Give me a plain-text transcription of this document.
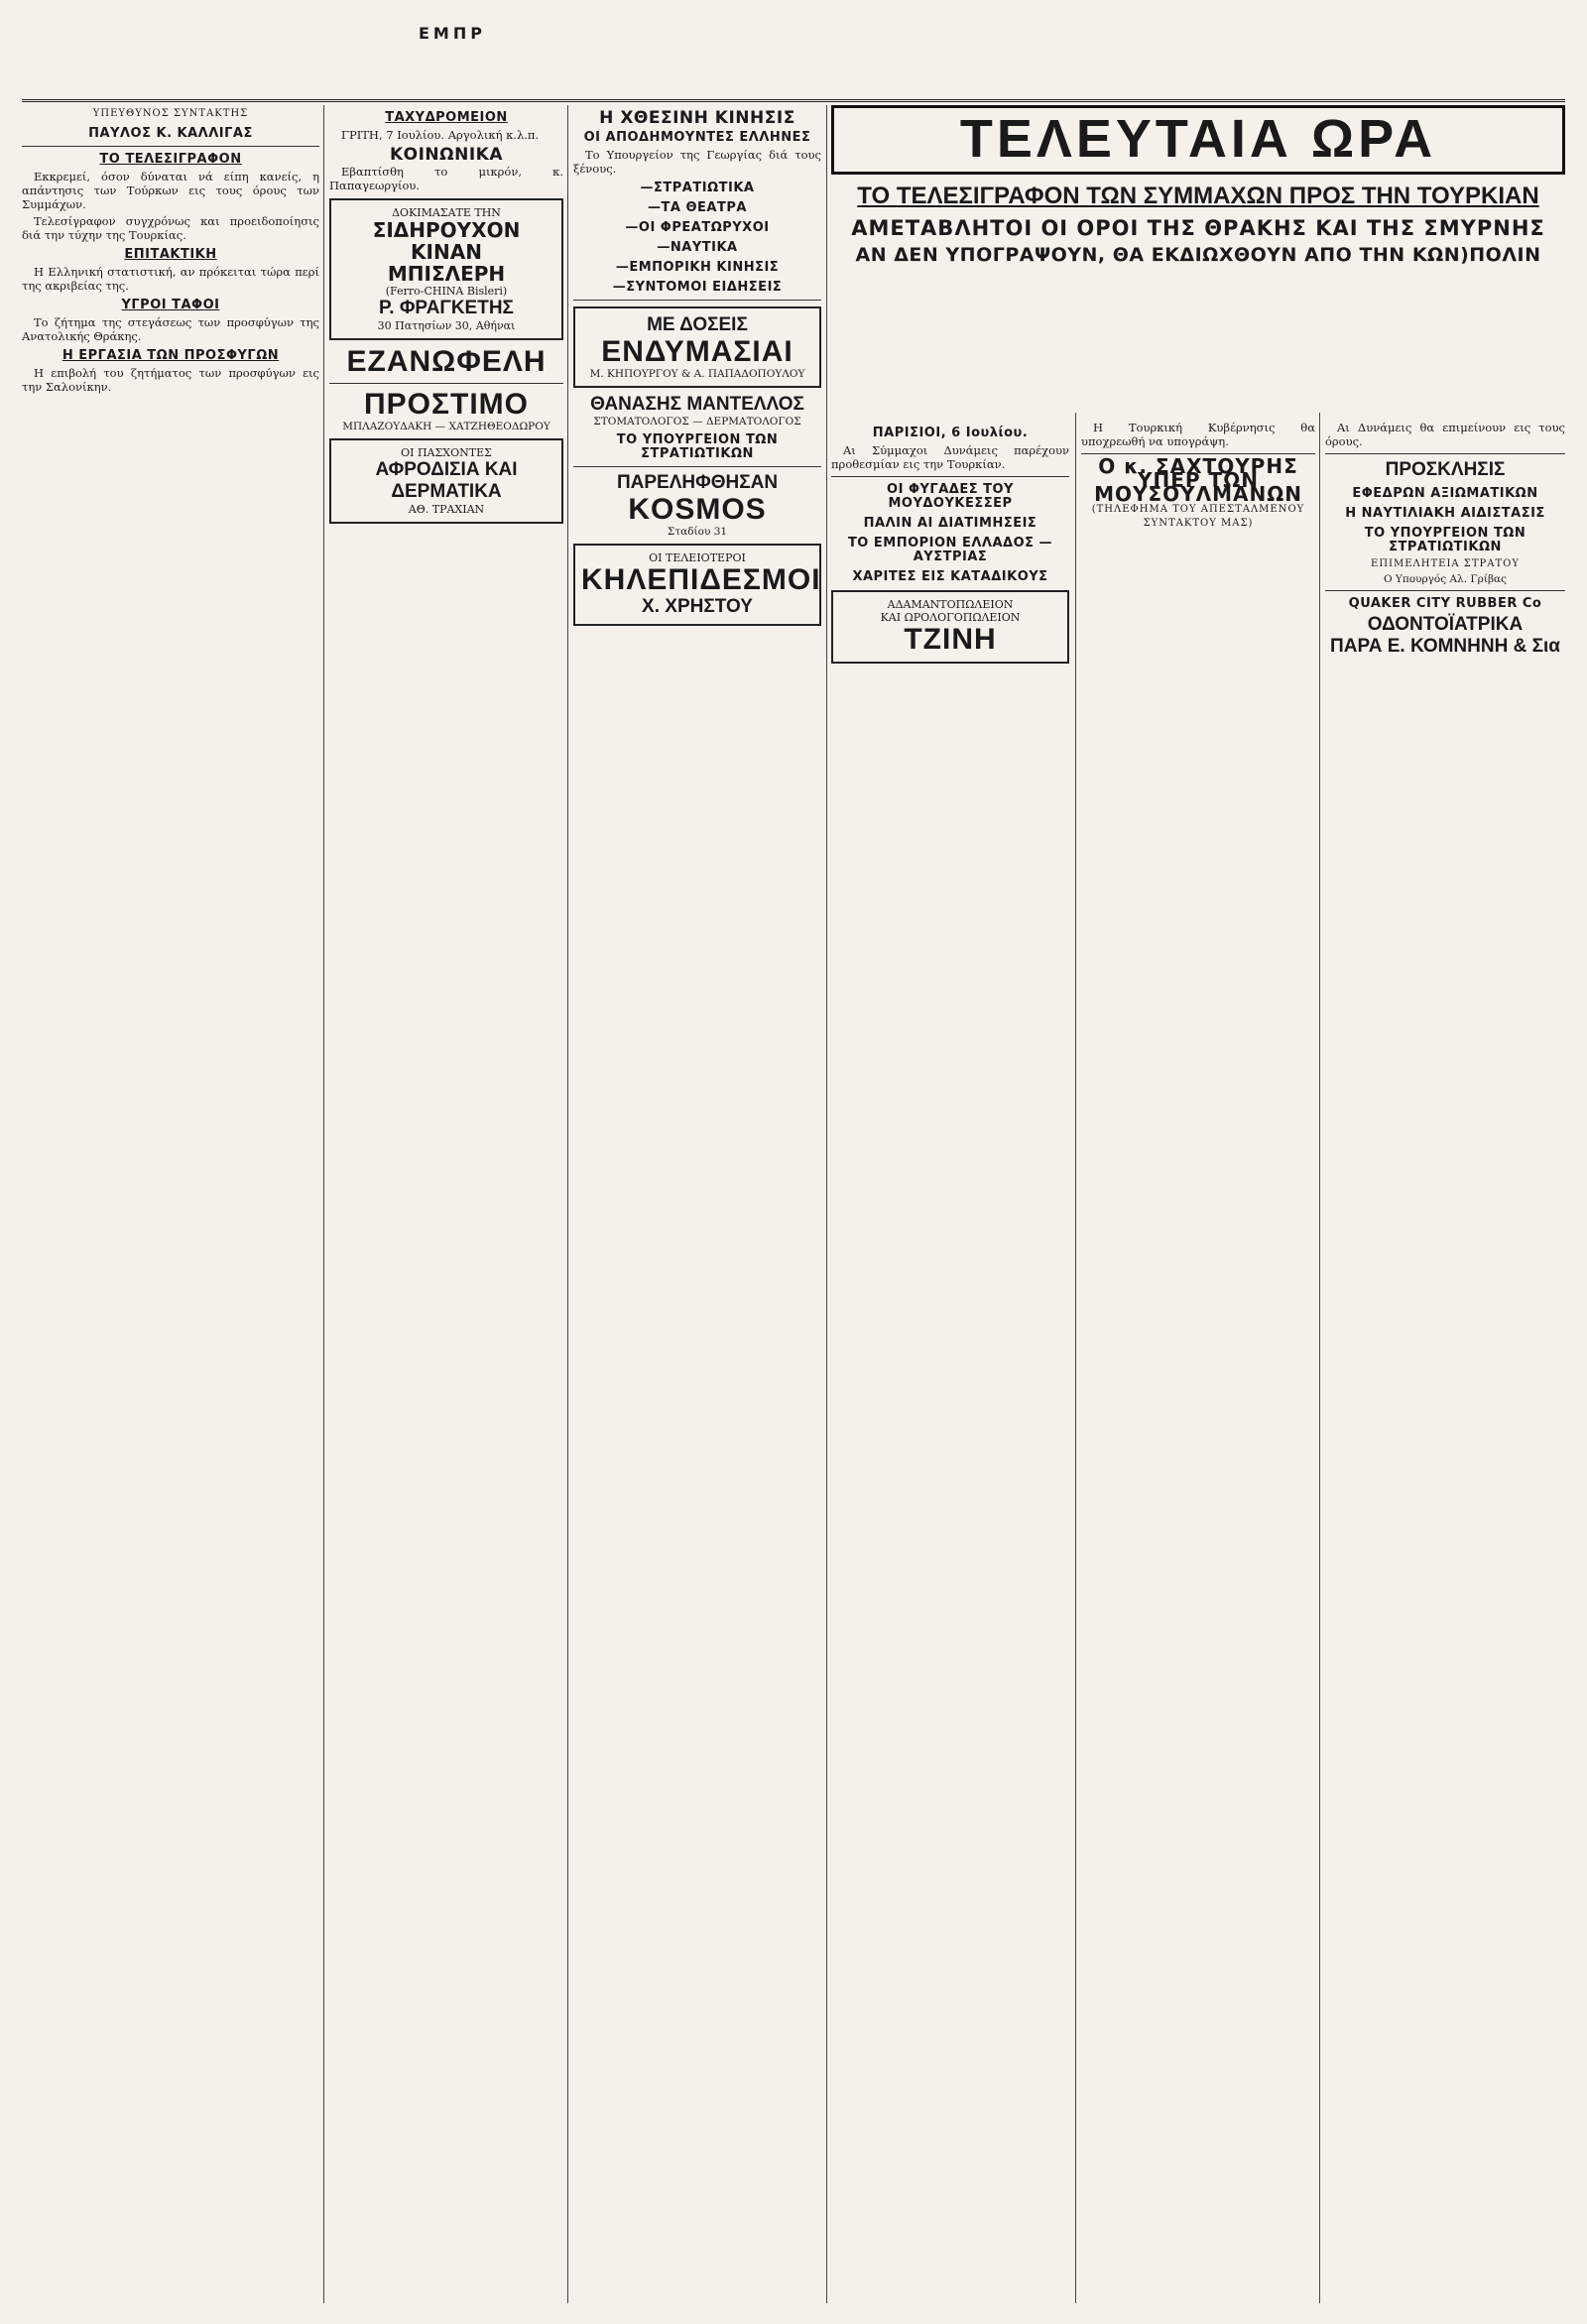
ΕΜΠΡ
ΥΠΕΥΘΥΝΟΣ ΣΥΝΤΑΚΤΗΣ
ΠΑΥΛΟΣ Κ. ΚΑΛΛΙΓΑΣ
ΤΟ ΤΕΛΕΣΙΓΡΑΦΟΝ

Εκκρεμεί, όσον δύναται νά είπη κανείς, η απάντησις των Τούρκων εις τους όρους των Συμμάχων.

Τελεσίγραφον συγχρόνως και προειδοποίησις διά την τύχην της Τουρκίας.

ΕΠΙΤΑΚΤΙΚΗ

Η Ελληνική στατιστική, αν πρόκειται τώρα περί της ακριβείας της.

ΥΓΡΟΙ ΤΑΦΟΙ

Το ζήτημα της στεγάσεως των προσφύγων της Ανατολικής Θράκης.

Η ΕΡΓΑΣΙΑ ΤΩΝ ΠΡΟΣΦΥΓΩΝ

Η επιβολή του ζητήματος των προσφύγων εις την Σαλονίκην.

ΤΑΧΥΔΡΟΜΕΙΟΝ

ΓΡΙΤΗ, 7 Ιουλίου. Αργολική κ.λ.π.

ΚΟΙΝΩΝΙΚΑ

Εβαπτίσθη το μικρόν, κ. Παπαγεωργίου.

ΔΟΚΙΜΑΣΑΤΕ ΤΗΝ
ΣΙΔΗΡΟΥΧΟΝ ΚΙΝΑΝ
ΜΠΙΣΛΕΡΗ
(Ferro-CHINA Bisleri)
Ρ. ΦΡΑΓΚΕΤΗΣ
30 Πατησίων 30, Αθήναι
ΕΖΑΝΩΦΕΛΗ
ΠΡΟΣΤΙΜΟ
ΜΠΛΑΖΟΥΔΑΚΗ — ΧΑΤΖΗΘΕΟΔΩΡΟΥ
ΟΙ ΠΑΣΧΟΝΤΕΣ
ΑΦΡΟΔΙΣΙΑ ΚΑΙ ΔΕΡΜΑΤΙΚΑ
ΑΘ. ΤΡΑΧΙΑΝ
Η ΧΘΕΣΙΝΗ ΚΙΝΗΣΙΣ
ΟΙ ΑΠΟΔΗΜΟΥΝΤΕΣ ΕΛΛΗΝΕΣ

Το Υπουργείον της Γεωργίας διά τους ξένους.

—ΣΤΡΑΤΙΩΤΙΚΑ
—ΤΑ ΘΕΑΤΡΑ
—ΟΙ ΦΡΕΑΤΩΡΥΧΟΙ
—ΝΑΥΤΙΚΑ
—ΕΜΠΟΡΙΚΗ ΚΙΝΗΣΙΣ
—ΣΥΝΤΟΜΟΙ ΕΙΔΗΣΕΙΣ
ΜΕ ΔΟΣΕΙΣ
ΕΝΔΥΜΑΣΙΑΙ
Μ. ΚΗΠΟΥΡΓΟΥ & Α. ΠΑΠΑΔΟΠΟΥΛΟΥ
ΘΑΝΑΣΗΣ ΜΑΝΤΕΛΛΟΣ
ΣΤΟΜΑΤΟΛΟΓΟΣ — ΔΕΡΜΑΤΟΛΟΓΟΣ
ΤΟ ΥΠΟΥΡΓΕΙΟΝ ΤΩΝ ΣΤΡΑΤΙΩΤΙΚΩΝ
ΠΑΡΕΛΗΦΘΗΣΑΝ
KOSMOS
Σταδίου 31
ΟΙ ΤΕΛΕΙΟΤΕΡΟΙ
ΚΗΛΕΠΙΔΕΣΜΟΙ
Χ. ΧΡΗΣΤΟΥ
ΤΕΛΕΥΤΑΙΑ ΩΡΑ
ΤΟ ΤΕΛΕΣΙΓΡΑΦΟΝ ΤΩΝ ΣΥΜΜΑΧΩΝ ΠΡΟΣ ΤΗΝ ΤΟΥΡΚΙΑΝ
ΑΜΕΤΑΒΛΗΤΟΙ ΟΙ ΟΡΟΙ ΤΗΣ ΘΡΑΚΗΣ ΚΑΙ ΤΗΣ ΣΜΥΡΝΗΣ
ΑΝ ΔΕΝ ΥΠΟΓΡΑΨΟΥΝ, ΘΑ ΕΚΔΙΩΧΘΟΥΝ ΑΠΟ ΤΗΝ ΚΩΝ)ΠΟΛΙΝ
ΠΑΡΙΣΙΟΙ, 6 Ιουλίου.

Αι Σύμμαχοι Δυνάμεις παρέχουν προθεσμίαν εις την Τουρκίαν.

ΟΙ ΦΥΓΑΔΕΣ ΤΟΥ ΜΟΥΔΟΥΚΕΣΣΕΡ
ΠΑΛΙΝ ΑΙ ΔΙΑΤΙΜΗΣΕΙΣ
ΤΟ ΕΜΠΟΡΙΟΝ ΕΛΛΑΔΟΣ — ΑΥΣΤΡΙΑΣ
ΧΑΡΙΤΕΣ ΕΙΣ ΚΑΤΑΔΙΚΟΥΣ
ΑΔΑΜΑΝΤΟΠΩΛΕΙΟΝ
ΚΑΙ ΩΡΟΛΟΓΟΠΩΛΕΙΟΝ
ΤΖΙΝΗ

Η Τουρκική Κυβέρνησις θα υποχρεωθή να υπογράψη.

Ο κ. ΣΑΧΤΟΥΡΗΣ ΥΠΕΡ ΤΩΝ ΜΟΥΣΟΥΛΜΑΝΩΝ
(ΤΗΛΕΦΗΜΑ ΤΟΥ ΑΠΕΣΤΑΛΜΕΝΟΥ ΣΥΝΤΑΚΤΟΥ ΜΑΣ)

Αι Δυνάμεις θα επιμείνουν εις τους όρους.

ΠΡΟΣΚΛΗΣΙΣ
ΕΦΕΔΡΩΝ ΑΞΙΩΜΑΤΙΚΩΝ
Η ΝΑΥΤΙΛΙΑΚΗ ΑΙΔΙΣΤΑΣΙΣ
ΤΟ ΥΠΟΥΡΓΕΙΟΝ ΤΩΝ ΣΤΡΑΤΙΩΤΙΚΩΝ
ΕΠΙΜΕΛΗΤΕΙΑ ΣΤΡΑΤΟΥ
Ο Υπουργός Αλ. Γρίβας
QUAKER CITY RUBBER Co
ΟΔΟΝΤΟΪΑΤΡΙΚΑ
ΠΑΡΑ Ε. ΚΟΜΝΗΝΗ & Σια
